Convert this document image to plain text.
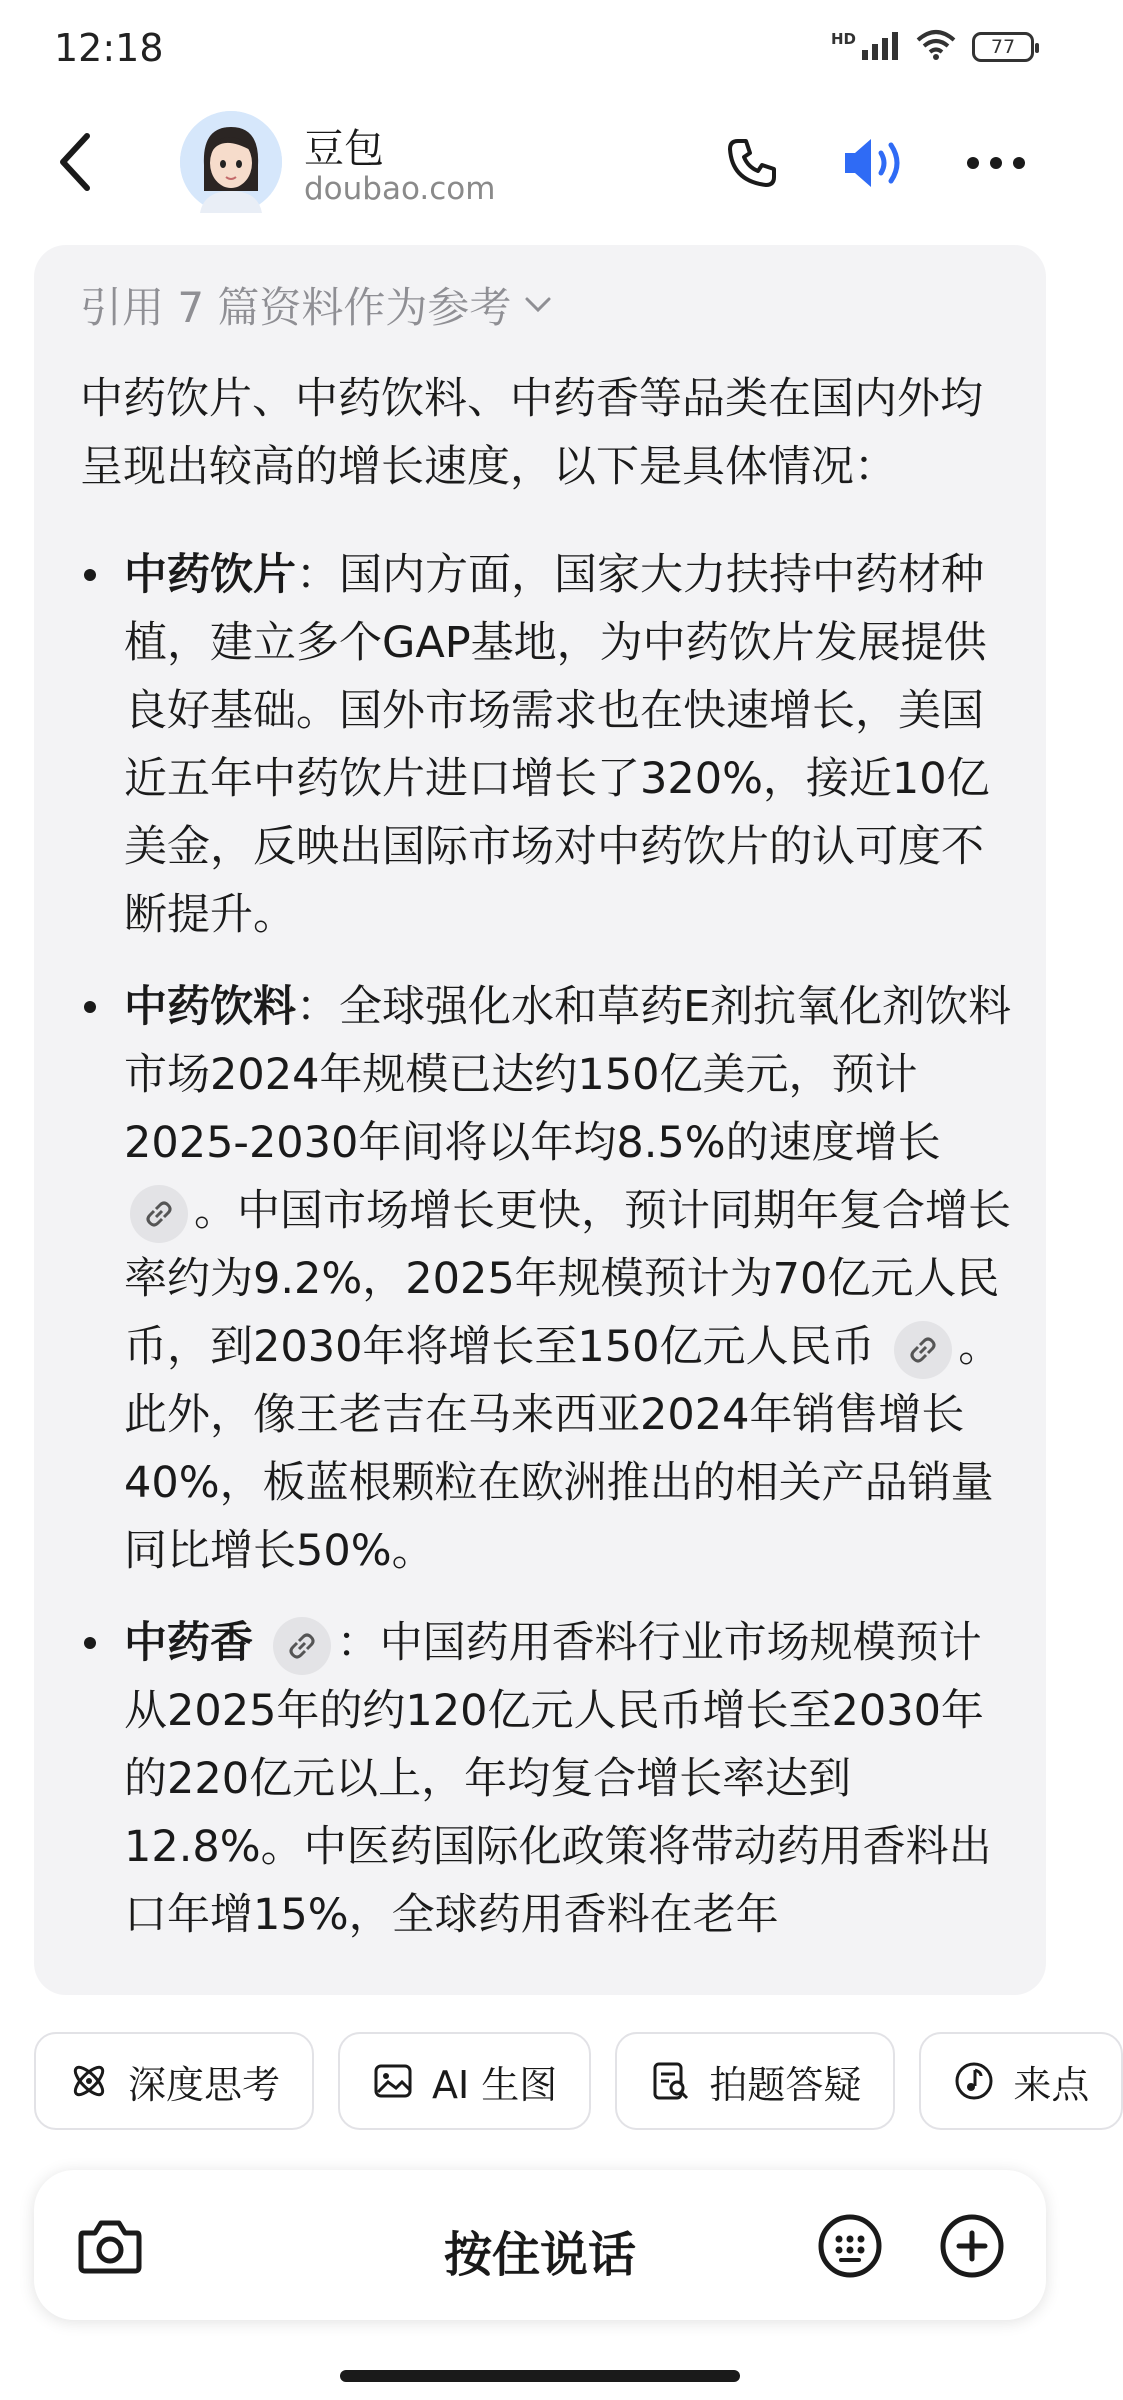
12:18	HD	77
豆包
doubao.com
引用 7 篇资料作为参考

中药饮片、中药饮料、中药香等品类在国内外均呈现出较高的增长速度，以下是具体情况：

中药饮片：国内方面，国家大力扶持中药材种植，建立多个GAP基地，为中药饮片发展提供良好基础。国外市场需求也在快速增长，美国近五年中药饮片进口增长了320%，接近10亿美金，反映出国际市场对中药饮片的认可度不断提升。
中药饮料：全球强化水和草药E剂抗氧化剂饮料市场2024年规模已达约150亿美元，预计2025-2030年间将以年均8.5%的速度增长
。中国市场增长更快，预计同期年复合增长率约为9.2%，2025年规模预计为70亿元人民币，到2030年将增长至150亿元人民币 。此外，像王老吉在马来西亚2024年销售增长40%，板蓝根颗粒在欧洲推出的相关产品销量同比增长50%。
中药香 ：中国药用香料行业市场规模预计从2025年的约120亿元人民币增长至2030年的220亿元以上，年均复合增长率达到12.8%。中医药国际化政策将带动药用香料出口年增15%，全球药用香料在老年
深度思考	AI 生图	拍题答疑	来点
按住说话
